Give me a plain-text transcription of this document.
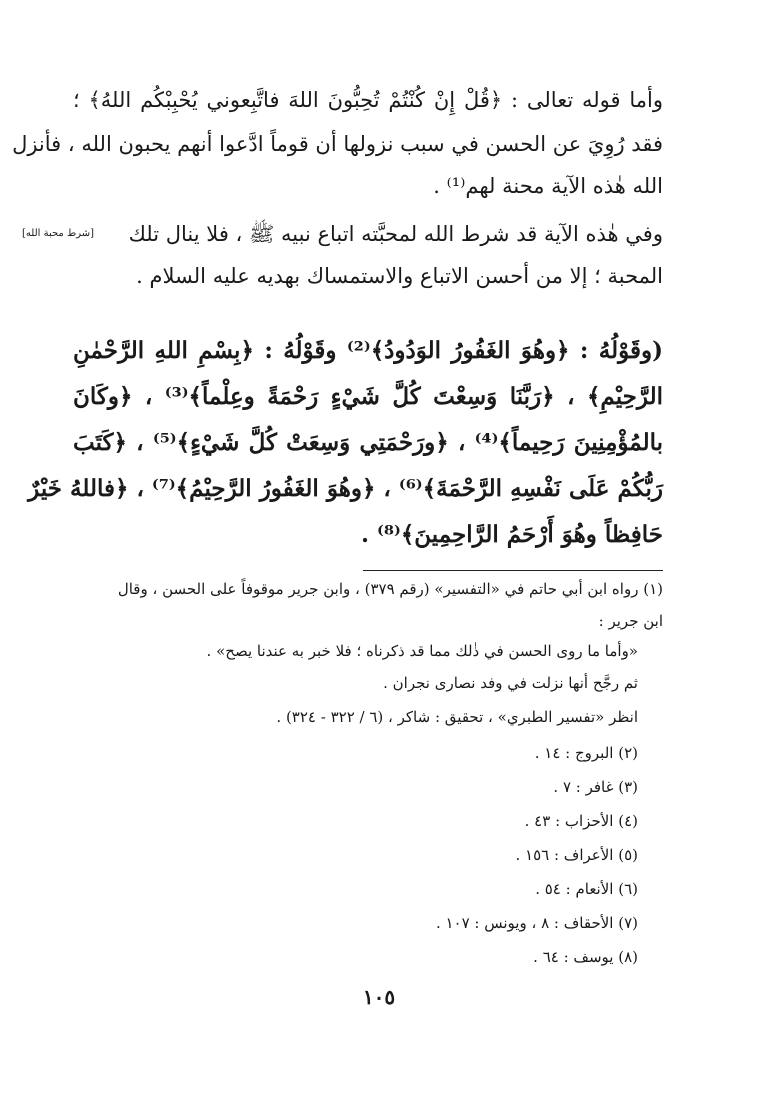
وأما قوله تعالى : ﴿قُلْ إِنْ كُنْتُمْ تُحِبُّونَ اللهَ فاتَّبِعوني يُحْبِبْكُم اللهُ﴾ ؛
فقد رُوِيَ عن الحسن في سبب نزولها أن قوماً ادَّعوا أنهم يحبون الله ، فأنزل
الله هٰذه الآية محنة لهم⁽¹⁾ .
وفي هٰذه الآية قد شرط الله لمحبَّته اتباع نبيه ﷺ ، فلا ينال تلك
[شرط محبة الله]
المحبة ؛ إلا من أحسن الاتباع والاستمساك بهديه عليه السلام .
(وقَوْلُهُ : ﴿وهُوَ الغَفُورُ الوَدُودُ﴾⁽²⁾ وقَوْلُهُ : ﴿بِسْمِ اللهِ الرَّحْمٰنِ
الرَّحِيْمِ﴾ ، ﴿رَبَّنَا وَسِعْتَ كُلَّ شَيْءٍ رَحْمَةً وعِلْماً﴾⁽³⁾ ، ﴿وكَانَ
بالمُؤْمِنِينَ رَحِيماً﴾⁽⁴⁾ ، ﴿ورَحْمَتِي وَسِعَتْ كُلَّ شَيْءٍ﴾⁽⁵⁾ ، ﴿كَتَبَ
رَبُّكُمْ عَلَى نَفْسِهِ الرَّحْمَةَ﴾⁽⁶⁾ ، ﴿وهُوَ الغَفُورُ الرَّحِيْمُ﴾⁽⁷⁾ ، ﴿فاللهُ خَيْرٌ
حَافِظاً وهُوَ أَرْحَمُ الرَّاحِمِينَ﴾⁽⁸⁾ .
(١) رواه ابن أبي حاتم في «التفسير» (رقم ٣٧٩) ، وابن جرير موقوفاً على الحسن ، وقال
ابن جرير :
«وأما ما روى الحسن في ذٰلك مما قد ذكرناه ؛ فلا خبر به عندنا يصح» .
ثم رجَّح أنها نزلت في وفد نصارى نجران .
انظر «تفسير الطبري» ، تحقيق : شاكر ، (٦ / ٣٢٢ - ٣٢٤) .
(٢) البروج : ١٤ .
(٣) غافر : ٧ .
(٤) الأحزاب : ٤٣ .
(٥) الأعراف : ١٥٦ .
(٦) الأنعام : ٥٤ .
(٧) الأحقاف : ٨ ، ويونس : ١٠٧ .
(٨) يوسف : ٦٤ .
١٠٥
